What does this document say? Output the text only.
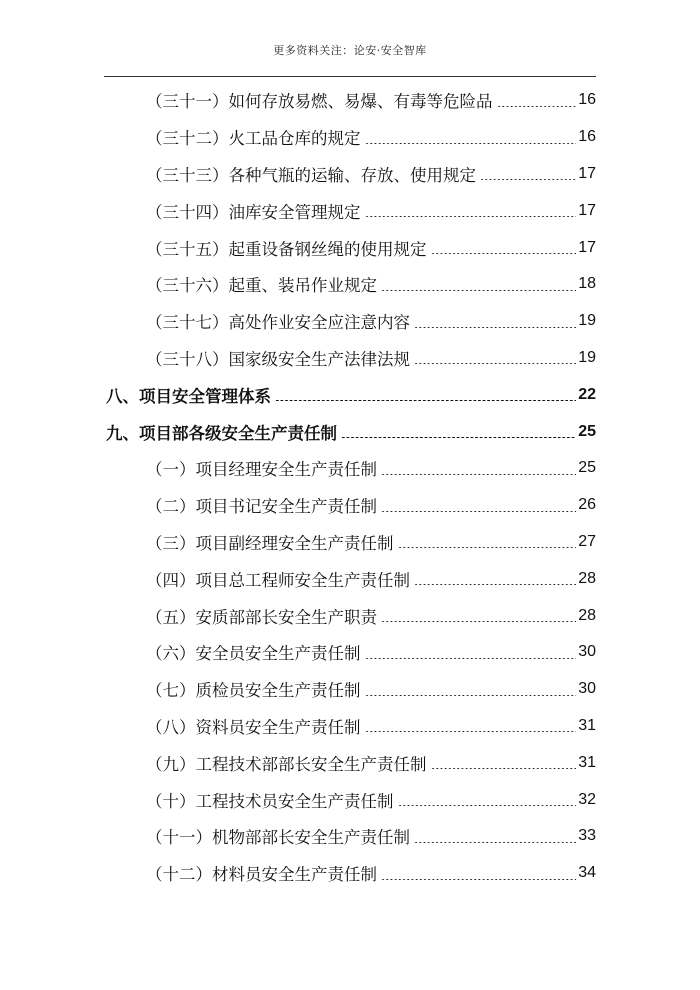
更多资料关注：论安·安全智库
（三十一）如何存放易燃、易爆、有毒等危险品	16
（三十二）火工品仓库的规定	16
（三十三）各种气瓶的运输、存放、使用规定	17
（三十四）油库安全管理规定	17
（三十五）起重设备钢丝绳的使用规定	17
（三十六）起重、装吊作业规定	18
（三十七）高处作业安全应注意内容	19
（三十八）国家级安全生产法律法规	19
八、项目安全管理体系	22
九、项目部各级安全生产责任制	25
（一）项目经理安全生产责任制	25
（二）项目书记安全生产责任制	26
（三）项目副经理安全生产责任制	27
（四）项目总工程师安全生产责任制	28
（五）安质部部长安全生产职责	28
（六）安全员安全生产责任制	30
（七）质检员安全生产责任制	30
（八）资料员安全生产责任制	31
（九）工程技术部部长安全生产责任制	31
（十）工程技术员安全生产责任制	32
（十一）机物部部长安全生产责任制	33
（十二）材料员安全生产责任制	34
